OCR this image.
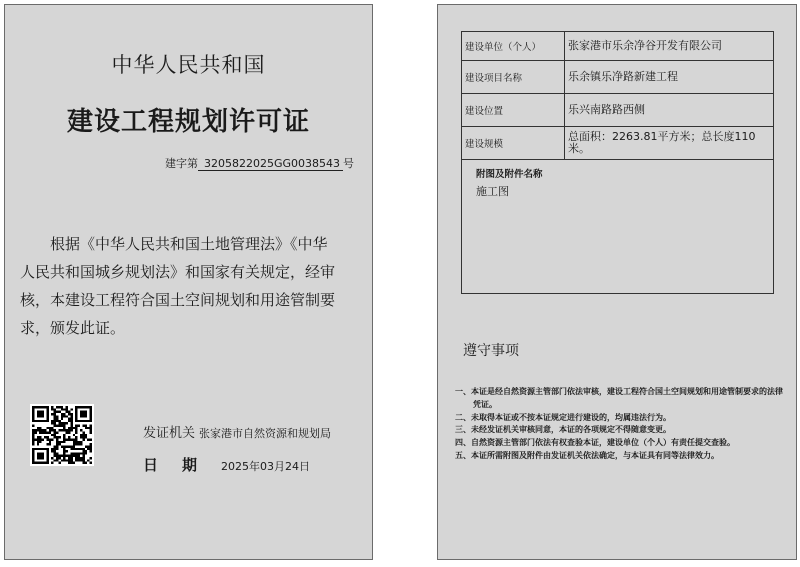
中华人民共和国
建设工程规划许可证
建字第 3205822025GG0038543 号
根据《中华人民共和国土地管理法》《中华人民共和国城乡规划法》和国家有关规定，经审核，本建设工程符合国土空间规划和用途管制要求，颁发此证。
发证机关 张家港市自然资源和规划局
日期2025年03月24日
建设单位（个人）	张家港市乐余净谷开发有限公司
建设项目名称	乐余镇乐净路新建工程
建设位置	乐兴南路路西侧
建设规模	总面积：2263.81平方米；总长度110米。

附图及附件名称
施工图	
遵守事项
一、本证是经自然资源主管部门依法审核，建设工程符合国土空间规划和用途管制要求的法律凭证。
二、未取得本证或不按本证规定进行建设的，均属违法行为。
三、未经发证机关审核同意，本证的各项规定不得随意变更。
四、自然资源主管部门依法有权查验本证，建设单位（个人）有责任提交查验。
五、本证所需附图及附件由发证机关依法确定，与本证具有同等法律效力。
